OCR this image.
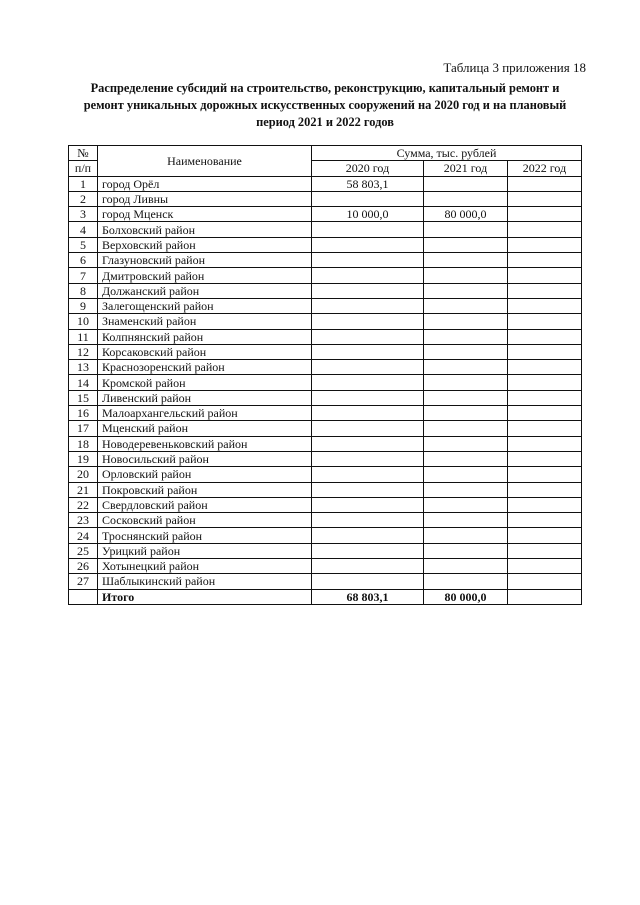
Таблица 3 приложения 18
Распределение субсидий на строительство, реконструкцию, капитальный ремонт и
ремонт уникальных дорожных искусственных сооружений на 2020 год и на плановый
период 2021 и 2022 годов
№	Наименование	Сумма, тыс. рублей		
п/п		2020 год	2021 год	2022 год
1	город Орёл	58 803,1		
2	город Ливны			
3	город Мценск	10 000,0	80 000,0	
4	Болховский район			
5	Верховский район			
6	Глазуновский район			
7	Дмитровский район			
8	Должанский район			
9	Залегощенский район			
10	Знаменский район			
11	Колпнянский район			
12	Корсаковский район			
13	Краснозоренский район			
14	Кромской район			
15	Ливенский район			
16	Малоархангельский район			
17	Мценский район			
18	Новодеревеньковский район			
19	Новосильский район			
20	Орловский район			
21	Покровский район			
22	Свердловский район			
23	Сосковский район			
24	Троснянский район			
25	Урицкий район			
26	Хотынецкий район			
27	Шаблыкинский район			
	Итого	68 803,1	80 000,0	
